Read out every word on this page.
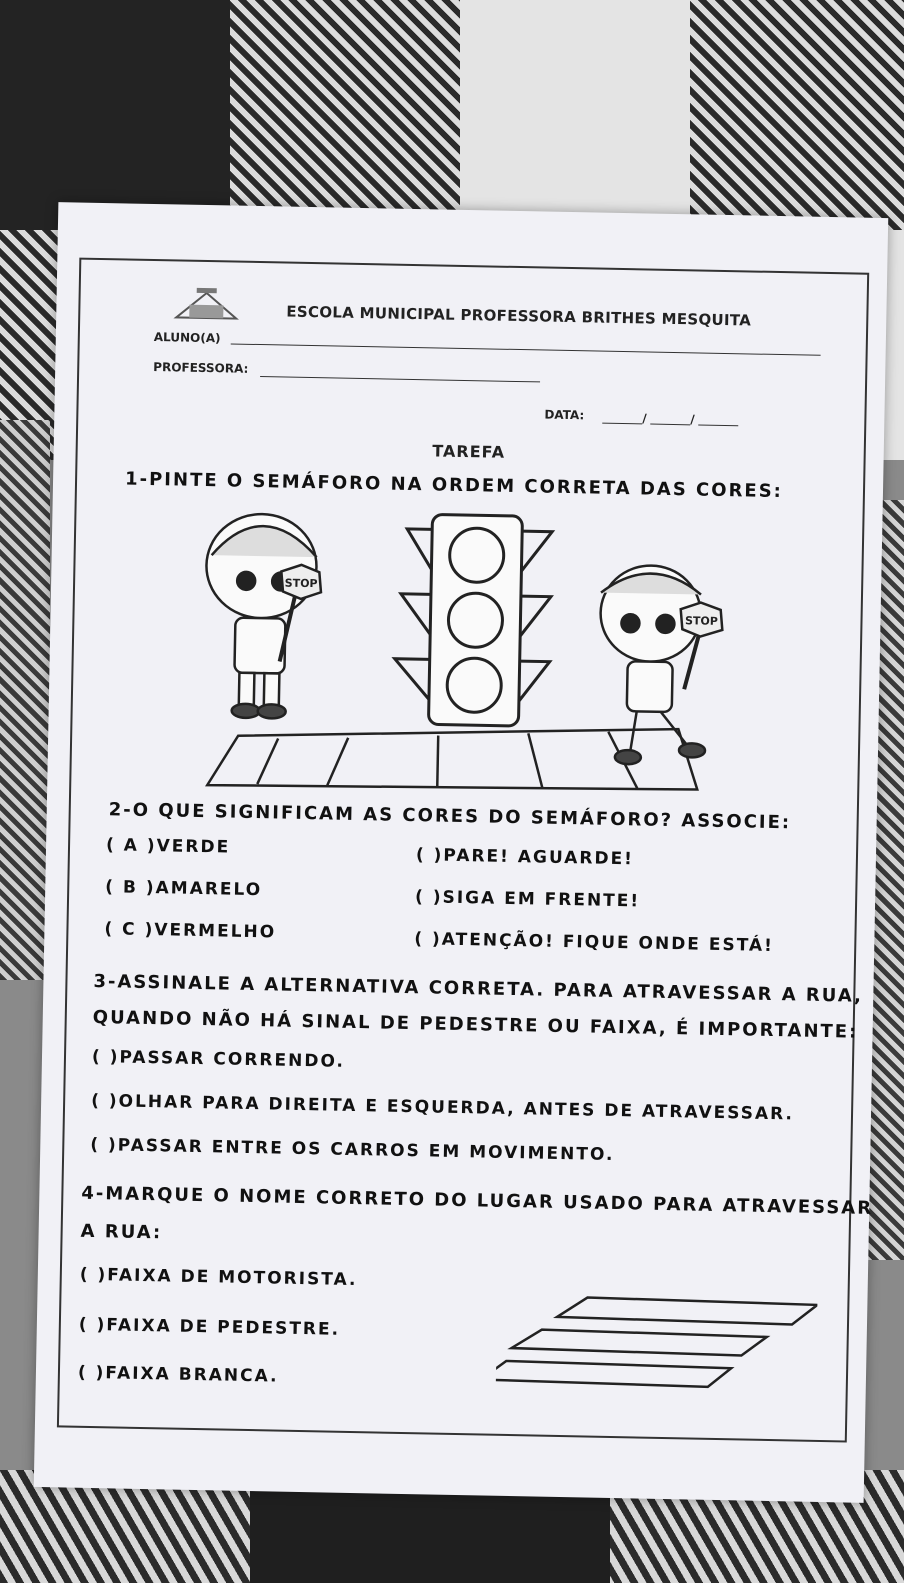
ESCOLA MUNICIPAL PROFESSORA BRITHES MESQUITA
ALUNO(A)
PROFESSORA:
DATA:	/	/
TAREFA
1-PINTE O SEMÁFORO NA ORDEM CORRETA DAS CORES:
STOP
STOP
2-O QUE SIGNIFICAM AS CORES DO SEMÁFORO? ASSOCIE:
( A )VERDE
( B )AMARELO
( C )VERMELHO
( )PARE! AGUARDE!
( )SIGA EM FRENTE!
( )ATENÇÃO! FIQUE ONDE ESTÁ!
3-ASSINALE A ALTERNATIVA CORRETA. PARA ATRAVESSAR A RUA,
QUANDO NÃO HÁ SINAL DE PEDESTRE OU FAIXA, É IMPORTANTE:
( )PASSAR CORRENDO.
( )OLHAR PARA DIREITA E ESQUERDA, ANTES DE ATRAVESSAR.
( )PASSAR ENTRE OS CARROS EM MOVIMENTO.
4-MARQUE O NOME CORRETO DO LUGAR USADO PARA ATRAVESSAR
A RUA:
( )FAIXA DE MOTORISTA.
( )FAIXA DE PEDESTRE.
( )FAIXA BRANCA.
